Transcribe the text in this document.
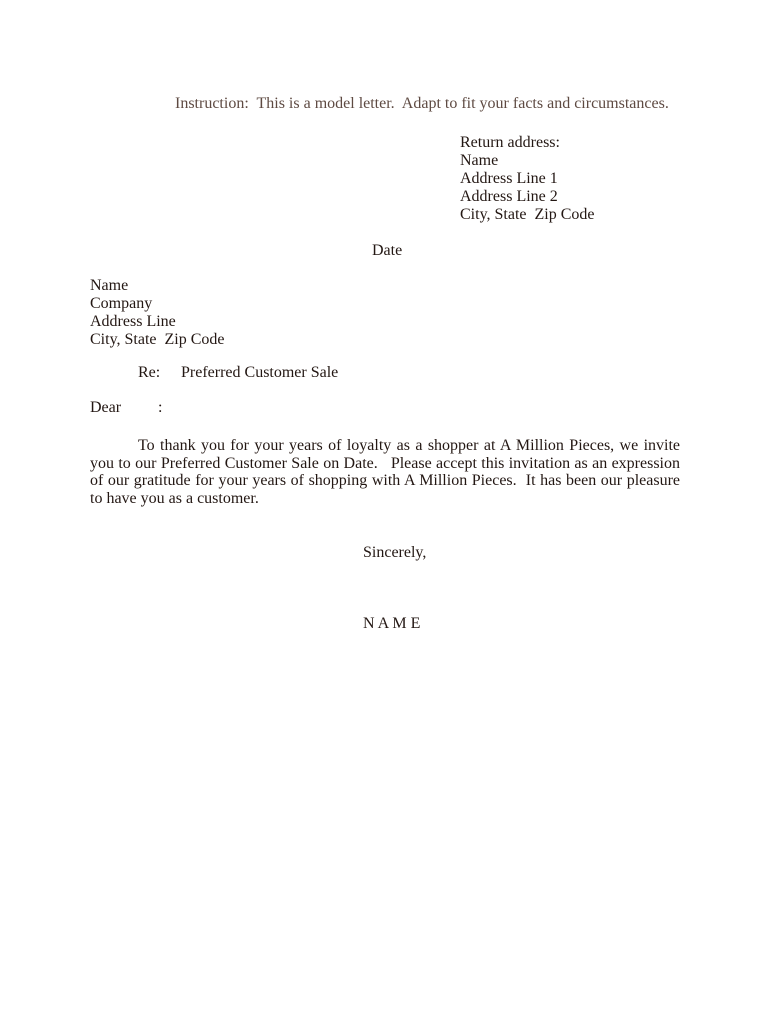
Instruction:  This is a model letter.  Adapt to fit your facts and circumstances.
Return address:
Name
Address Line 1
Address Line 2
City, State  Zip Code
Date
Name
Company
Address Line
City, State  Zip Code
Re: Preferred Customer Sale
Dear :
To thank you for your years of loyalty as a shopper at A Million Pieces, we invite you to our Preferred Customer Sale on Date.   Please accept this invitation as an expression of our gratitude for your years of shopping with A Million Pieces.  It has been our pleasure to have you as a customer.
Sincerely,
N A M E
